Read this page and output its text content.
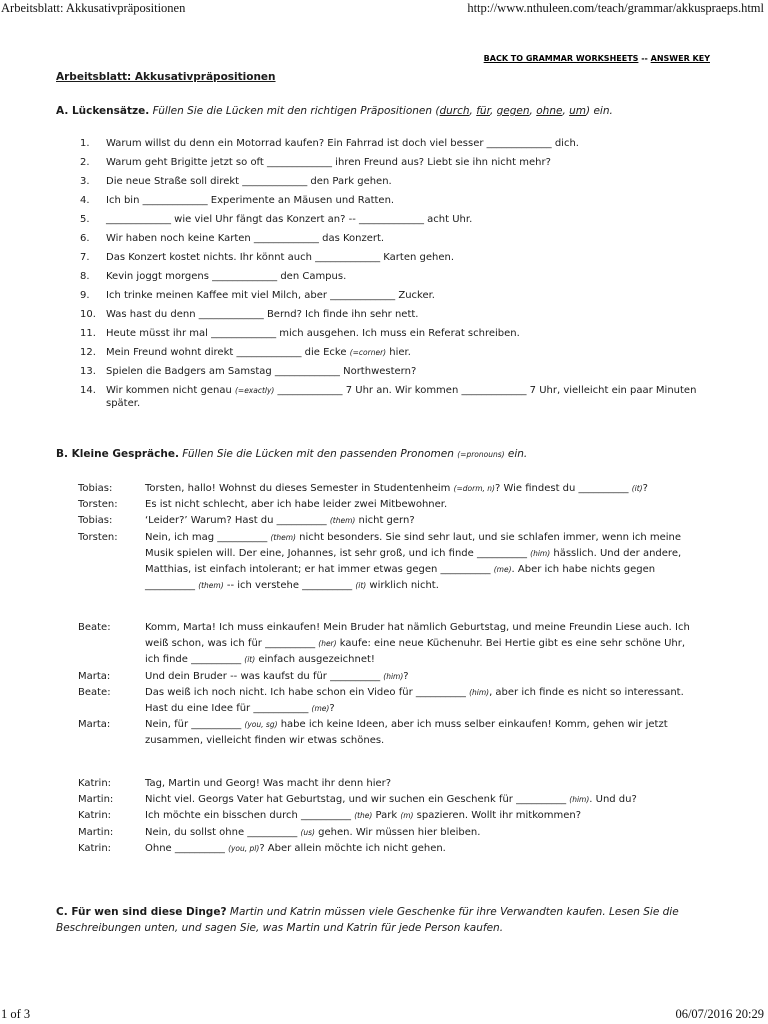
Arbeitsblatt: Akkusativpräpositionen	http://www.nthuleen.com/teach/grammar/akkuspraeps.html
1 of 3	06/07/2016 20:29
BACK TO GRAMMAR WORKSHEETS -- ANSWER KEY
Arbeitsblatt: Akkusativpräpositionen
A. Lückensätze. Füllen Sie die Lücken mit den richtigen Präpositionen (durch, für, gegen, ohne, um) ein.
1.	Warum willst du denn ein Motorrad kaufen? Ein Fahrrad ist doch viel besser _____________ dich.
2.	Warum geht Brigitte jetzt so oft _____________ ihren Freund aus? Liebt sie ihn nicht mehr?
3.	Die neue Straße soll direkt _____________ den Park gehen.
4.	Ich bin _____________ Experimente an Mäusen und Ratten.
5.	_____________ wie viel Uhr fängt das Konzert an? -- _____________ acht Uhr.
6.	Wir haben noch keine Karten _____________ das Konzert.
7.	Das Konzert kostet nichts. Ihr könnt auch _____________ Karten gehen.
8.	Kevin joggt morgens _____________ den Campus.
9.	Ich trinke meinen Kaffee mit viel Milch, aber _____________ Zucker.
10.	Was hast du denn _____________ Bernd? Ich finde ihn sehr nett.
11.	Heute müsst ihr mal _____________ mich ausgehen. Ich muss ein Referat schreiben.
12.	Mein Freund wohnt direkt _____________ die Ecke (=corner) hier.
13.	Spielen die Badgers am Samstag _____________ Northwestern?
14.	Wir kommen nicht genau (=exactly) _____________ 7 Uhr an. Wir kommen _____________ 7 Uhr, vielleicht ein paar Minuten später.
B. Kleine Gespräche. Füllen Sie die Lücken mit den passenden Pronomen (=pronouns) ein.
Tobias:	Torsten, hallo! Wohnst du dieses Semester in Studentenheim (=dorm, n)? Wie findest du __________ (it)?
Torsten:	Es ist nicht schlecht, aber ich habe leider zwei Mitbewohner.
Tobias:	‘Leider?’ Warum? Hast du __________ (them) nicht gern?
Torsten:	Nein, ich mag __________ (them) nicht besonders. Sie sind sehr laut, und sie schlafen immer, wenn ich meine Musik spielen will. Der eine, Johannes, ist sehr groß, und ich finde __________ (him) hässlich. Und der andere, Matthias, ist einfach intolerant; er hat immer etwas gegen __________ (me). Aber ich habe nichts gegen __________ (them) -- ich verstehe __________ (it) wirklich nicht.
Beate:	Komm, Marta! Ich muss einkaufen! Mein Bruder hat nämlich Geburtstag, und meine Freundin Liese auch. Ich weiß schon, was ich für __________ (her) kaufe: eine neue Küchenuhr. Bei Hertie gibt es eine sehr schöne Uhr, ich finde __________ (it) einfach ausgezeichnet!
Marta:	Und dein Bruder -- was kaufst du für __________ (him)?
Beate:	Das weiß ich noch nicht. Ich habe schon ein Video für __________ (him), aber ich finde es nicht so interessant. Hast du eine Idee für ___________ (me)?
Marta:	Nein, für __________ (you, sg) habe ich keine Ideen, aber ich muss selber einkaufen! Komm, gehen wir jetzt zusammen, vielleicht finden wir etwas schönes.
Katrin:	Tag, Martin und Georg! Was macht ihr denn hier?
Martin:	Nicht viel. Georgs Vater hat Geburtstag, und wir suchen ein Geschenk für __________ (him). Und du?
Katrin:	Ich möchte ein bisschen durch __________ (the) Park (m) spazieren. Wollt ihr mitkommen?
Martin:	Nein, du sollst ohne __________ (us) gehen. Wir müssen hier bleiben.
Katrin:	Ohne __________ (you, pl)? Aber allein möchte ich nicht gehen.
C. Für wen sind diese Dinge? Martin und Katrin müssen viele Geschenke für ihre Verwandten kaufen. Lesen Sie die Beschreibungen unten, und sagen Sie, was Martin und Katrin für jede Person kaufen.
